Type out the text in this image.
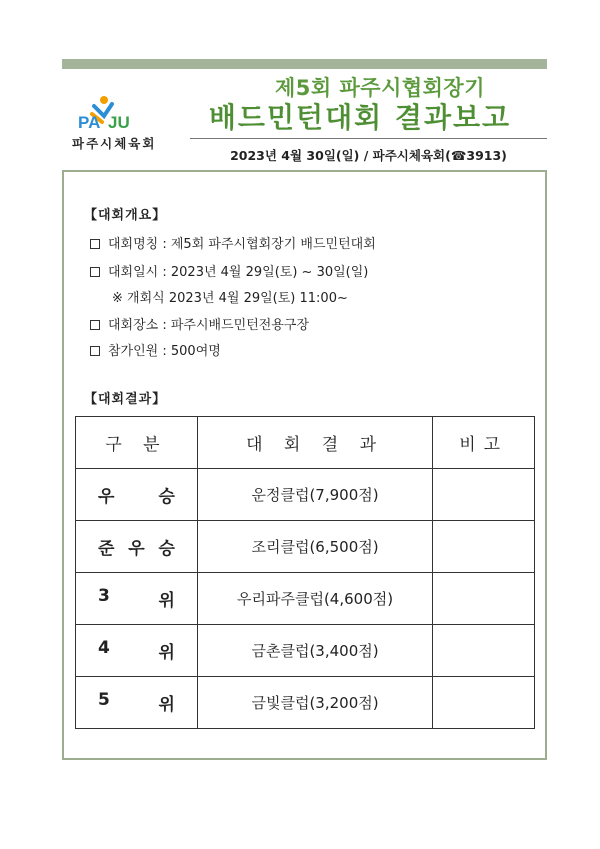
PA JU
파주시체육회
제5회 파주시협회장기
배드민턴대회 결과보고
2023년 4월 30일(일) / 파주시체육회(☎3913)
【대회개요】
대회명칭 : 제5회 파주시협회장기 배드민턴대회
대회일시 : 2023년 4월 29일(토) ~ 30일(일)
※ 개회식 2023년 4월 29일(토) 11:00~
대회장소 : 파주시배드민턴전용구장
참가인원 : 500여명
【대회결과】
구 분	대 회 결 과	비고

우 승	운정클럽(7,900점)	

준 우 승	조리클럽(6,500점)	

3 위	우리파주클럽(4,600점)	

4 위	금촌클럽(3,400점)	

5 위	금빛클럽(3,200점)	
